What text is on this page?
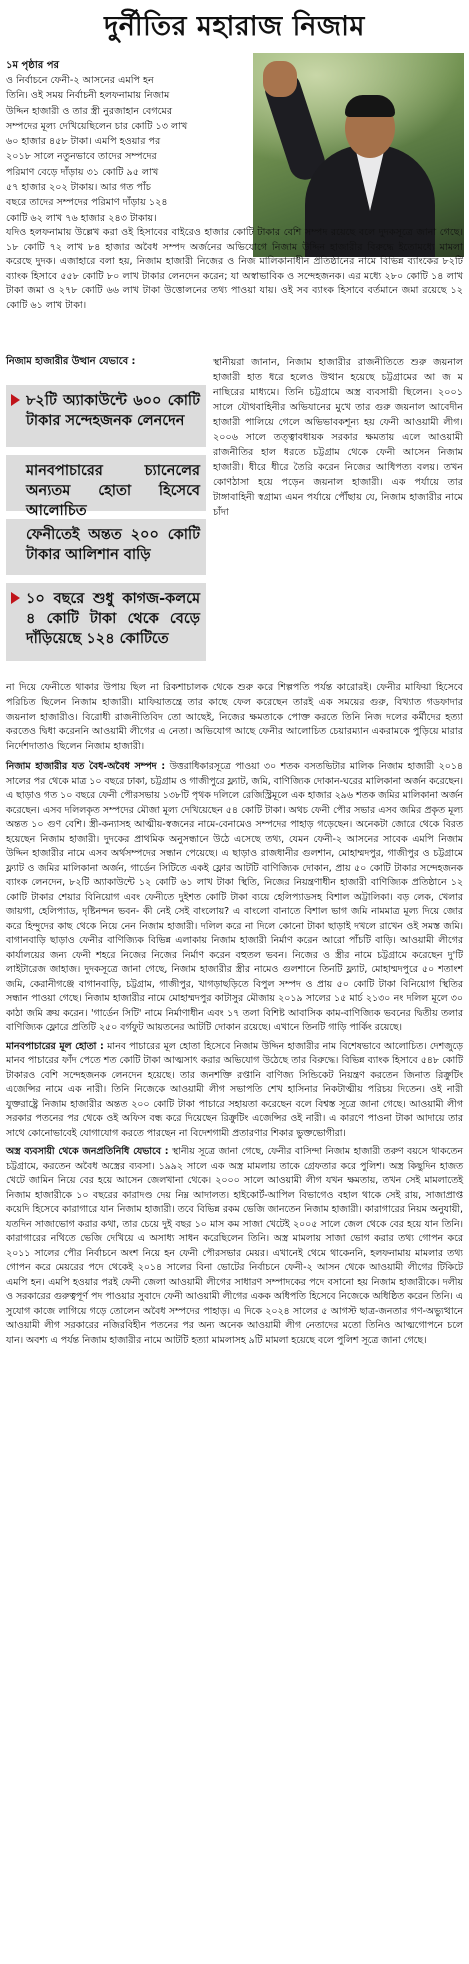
দুর্নীতির মহারাজ নিজাম
১ম পৃষ্ঠার পর
ও নির্বাচনে ফেনী-২ আসনের এমপি হন
তিনি। ওই সময় নির্বাচনী হলফনামায় নিজাম
উদ্দিন হাজারী ও তার স্ত্রী নুরজাহান বেগমের
সম্পদের মূল্য দেখিয়েছিলেন চার কোটি ১৩ লাখ
৬০ হাজার ৪৫৮ টাকা। এমপি হওয়ার পর
২০১৮ সালে নতুনভাবে তাদের সম্পদের
পরিমাণ বেড়ে দাঁড়ায় ৩১ কোটি ৯৫ লাখ
৫৭ হাজার ২০২ টাকায়। আর গত পাঁচ
বছরে তাদের সম্পদের পরিমাণ দাঁড়ায় ১২৪
কোটি ৬২ লাখ ৭৬ হাজার ২৪৩ টাকায়।

যদিও হলফনামায় উল্লেখ করা ওই হিসাবের বাইরেও হাজার কোটি টাকার বেশি সম্পদ রয়েছে বলে দুদকসূত্রে জানা গেছে। ১৮ কোটি ৭২ লাখ ৮৪ হাজার অবৈধ সম্পদ অর্জনের অভিযোগে নিজাম উদ্দিন হাজারীর বিরুদ্ধে ইতোমধ্যে মামলা করেছে দুদক। এজাহারে বলা হয়, নিজাম হাজারী নিজের ও নিজ মালিকানাধীন প্রতিষ্ঠানের নামে বিভিন্ন ব্যাংকের ৮২টি ব্যাংক হিসাবে ৫৫৮ কোটি ৮০ লাখ টাকার লেনদেন করেন; যা অস্বাভাবিক ও সন্দেহজনক। এর মধ্যে ২৮০ কোটি ১৪ লাখ টাকা জমা ও ২৭৮ কোটি ৬৬ লাখ টাকা উত্তোলনের তথ্য পাওয়া যায়। ওই সব ব্যাংক হিসাবে বর্তমানে জমা রয়েছে ১২ কোটি ৬১ লাখ টাকা।

নিজাম হাজারীর উত্থান যেভাবে :
৮২টি অ্যাকাউন্টে ৬০০ কোটি টাকার সন্দেহজনক লেনদেন
মানবপাচারের চ্যানেলের অন্যতম হোতা হিসেবে আলোচিত
ফেনীতেই অন্তত ২০০ কোটি টাকার আলিশান বাড়ি
১০ বছরে শুধু কাগজ-কলমে ৪ কোটি টাকা থেকে বেড়ে দাঁড়িয়েছে ১২৪ কোটিতে

স্থানীয়রা জানান, নিজাম হাজারীর রাজনীতিতে শুরু জয়নাল হাজারী হাত ধরে হলেও উত্থান হয়েছে চট্টগ্রামের আ জ ম নাছিরের মাধ্যমে। তিনি চট্টগ্রামে অস্ত্র ব্যবসায়ী ছিলেন। ২০০১ সালে যৌথবাহিনীর অভিযানের মুখে তার গুরু জয়নাল আবেদীন হাজারী পালিয়ে গেলে অভিভাবকশূন্য হয় ফেনী আওয়ামী লীগ। ২০০৬ সালে তত্ত্বাবধায়ক সরকার ক্ষমতায় এলে আওয়ামী রাজনীতির হাল ধরতে চট্টগ্রাম থেকে ফেনী আসেন নিজাম হাজারী। ধীরে ধীরে তৈরি করেন নিজের আধিপত্য বলয়। তখন কোণঠাসা হয়ে পড়েন জয়নাল হাজারী। এক পর্যায়ে তার টাঙ্গাবাহিনী স্বগ্রাম্য এমন পর্যায়ে পৌঁছায় যে, নিজাম হাজারীর নামে চাঁদা

না দিয়ে ফেনীতে থাকার উপায় ছিল না রিকশাচালক থেকে শুরু করে শিল্পপতি পর্যন্ত কারোরই। ফেনীর মাফিয়া হিসেবে পরিচিত ছিলেন নিজাম হাজারী। মাফিয়াতন্ত্রে তার কাছে ফেল করেছেন তারই এক সময়ের গুরু, বিখ্যাত গডফাদার জয়নাল হাজারীও। বিরোধী রাজনীতিবিদ তো আছেই, নিজের ক্ষমতাকে পোক্ত করতে তিনি নিজ দলের কর্মীদের হত্যা করতেও দ্বিধা করেননি আওয়ামী লীগের এ নেতা। অভিযোগ আছে ফেনীর আলোচিত চেয়ারম্যান একরামকে পুড়িয়ে মারার নির্দেশদাতাও ছিলেন নিজাম হাজারী।

নিজাম হাজারীর যত বৈধ-অবৈধ সম্পদ : উত্তরাধিকারসূত্রে পাওয়া ৩০ শতক বসতভিটার মালিক নিজাম হাজারী ২০১৪ সালের পর থেকে মাত্র ১০ বছরে ঢাকা, চট্টগ্রাম ও গাজীপুরে ফ্ল্যাট, জমি, বাণিজ্যিক দোকান-ঘরের মালিকানা অর্জন করেছেন। এ ছাড়াও গত ১০ বছরে ফেনী পৌরসভায় ১৩৮টি পৃথক দলিলে রেজিস্ট্রিমূলে এক হাজার ২৯৬ শতক জমির মালিকানা অর্জন করেছেন। এসব দলিলকৃত সম্পদের মৌজা মূল্য দেখিয়েছেন ৫৪ কোটি টাকা। অথচ ফেনী পৌর সভার এসব জমির প্রকৃত মূল্য অন্তত ১০ গুণ বেশি। স্ত্রী-কন্যাসহ আত্মীয়-স্বজনের নামে-বেনামেও সম্পদের পাহাড় গড়েছেন। অনেকটা জোরে থেকে বিরত হয়েছেন নিজাম হাজারী। দুদকের প্রাথমিক অনুসন্ধানে উঠে এসেছে তথ্য, যেমন ফেনী-২ আসনের সাবেক এমপি নিজাম উদ্দিন হাজারীর নামে এসব অর্থসম্পদের সন্ধান পেয়েছে। এ ছাড়াও রাজধানীর গুলশান, মোহাম্মদপুর, গাজীপুর ও চট্টগ্রামে ফ্ল্যাট ও জমির মালিকানা অর্জন, গার্ডেন সিটিতে একই ফ্লোর আটটি বাণিজ্যিক দোকান, প্রায় ৫০ কোটি টাকার সন্দেহজনক ব্যাংক লেনদেন, ৮২টি অ্যাকাউন্টে ১২ কোটি ৬১ লাখ টাকা স্থিতি, নিজের নিয়ন্ত্রণাধীন হাজারী বাণিজ্যিক প্রতিষ্ঠানে ১২ কোটি টাকার শেয়ার বিনিয়োগ এবং ফেনীতে দুইশত কোটি টাকা ব্যয়ে হেলিপ্যাডসহ বিশাল অট্টালিকা। বড় লেক, খেলার জায়গা, হেলিপ্যাড, দৃষ্টিনন্দন ভবন- কী নেই সেই বাংলোয়? এ বাংলো বানাতে বিশাল ভাগ জমি নামমাত্র মূল্য দিয়ে জোর করে হিন্দুদের কাছ থেকে নিয়ে নেন নিজাম হাজারী। দলিল করে না দিলে কোনো টাকা ছাড়াই দখলে রাখেন ওই সমস্ত জমি। বাগানবাড়ি ছাড়াও ফেনীর বাণিজ্যিক বিভিন্ন এলাকায় নিজাম হাজারী নির্মাণ করেন আরো পাঁচটি বাড়ি। আওয়ামী লীগের কার্যালয়ের জন্য ফেনী শহরে নিজের নিজের নির্মাণ করেন বহুতল ভবন। নিজের ও স্ত্রীর নামে চট্টগ্রামে করেছেন দু'টি লাইটারেজ জাহাজ। দুদকসূত্রে জানা গেছে, নিজাম হাজারীর স্ত্রীর নামেও গুলশানে তিনটি ফ্ল্যাট, মোহাম্মদপুরে ৫০ শতাংশ জমি, কেরানীগঞ্জে বাগানবাড়ি, চট্টগ্রাম, গাজীপুর, খাগড়াছড়িতে বিপুল সম্পদ ও প্রায় ৫০ কোটি টাকা বিনিয়োগ স্থিতির সন্ধান পাওয়া গেছে। নিজাম হাজারীর নামে মোহাম্মদপুর কাটাসুর মৌজায় ২০১৯ সালের ১৫ মার্চ ২১৩০ নং দলিল মূলে ৩০ কাঠা জমি ক্রয় করেন। 'গার্ডেন সিটি' নামে নির্মাণাধীন এবং ১৭ তলা বিশিষ্ট আবাসিক কাম-বাণিজ্যিক ভবনের দ্বিতীয় তলার বাণিজ্যিক ফ্লোরে প্রতিটি ২৫০ বর্গফুট আয়তনের আটটি দোকান রয়েছে। এখানে তিনটি গাড়ি পার্কিং রয়েছে।

মানবপাচারের মূল হোতা : মানব পাচারের মূল হোতা হিসেবে নিজাম উদ্দিন হাজারীর নাম বিশেষভাবে আলোচিত। দেশজুড়ে মানব পাচারের ফাঁদ পেতে শত কোটি টাকা আত্মসাৎ করার অভিযোগ উঠেছে তার বিরুদ্ধে। বিভিন্ন ব্যাংক হিসাবে ৫৪৮ কোটি টাকারও বেশি সন্দেহজনক লেনদেন হয়েছে। তার জনশক্তি রপ্তানি বাণিজ্য সিন্ডিকেট নিয়ন্ত্রণ করতেন জিনাত রিক্রুটিং এজেন্সির নামে এক নারী। তিনি নিজেকে আওয়ামী লীগ সভাপতি শেখ হাসিনার নিকটাত্মীয় পরিচয় দিতেন। ওই নারী যুক্তরাষ্ট্রে নিজাম হাজারীর অন্তত ২০০ কোটি টাকা পাচারে সহায়তা করেছেন বলে বিশ্বস্ত সূত্রে জানা গেছে। আওয়ামী লীগ সরকার পতনের পর থেকে ওই অফিস বন্ধ করে দিয়েছেন রিক্রুটিং এজেন্সির ওই নারী। এ কারণে পাওনা টাকা আদায়ে তার সাথে কোনোভাবেই যোগাযোগ করতে পারছেন না বিদেশগামী প্রতারণার শিকার ভুক্তভোগীরা।

অস্ত্র ব্যবসায়ী থেকে জনপ্রতিনিধি যেভাবে : স্থানীয় সূত্রে জানা গেছে, ফেনীর বাসিন্দা নিজাম হাজারী তরুণ বয়সে থাকতেন চট্টগ্রামে, করতেন অবৈধ অস্ত্রের ব্যবসা। ১৯৯২ সালে এক অস্ত্র মামলায় তাকে গ্রেফতার করে পুলিশ। অস্ত্র কিছুদিন হাজত খেটে জামিন নিয়ে বের হয়ে আসেন জেলখানা থেকে। ২০০০ সালে আওয়ামী লীগ যখন ক্ষমতায়, তখন সেই মামলাতেই নিজাম হাজারীকে ১০ বছরের কারাদণ্ড দেয় নিম্ন আদালত। হাইকোর্ট-আপিল বিভাগেও বহাল থাকে সেই রায়, সাজাপ্রাপ্ত কয়েদি হিসেবে কারাগারে যান নিজাম হাজারী। তবে বিভিন্ন রকম ভেজি জানতেন নিজাম হাজারী। কারাগারের নিয়ম অনুযায়ী, যতদিন সাজাভোগ করার কথা, তার চেয়ে দুই বছর ১০ মাস কম সাজা খেটেই ২০০৫ সালে জেল থেকে বের হয়ে যান তিনি। কারাগারের নথিতে ভেজি দেখিয়ে এ অসাধ্য সাধন করেছিলেন তিনি। অস্ত্র মামলায় সাজা ভোগ করার তথ্য গোপন করে ২০১১ সালের পৌর নির্বাচনে অংশ নিয়ে হন ফেনী পৌরসভার মেয়র। এখানেই থেমে থাকেননি, হলফনামায় মামলার তথ্য গোপন করে মেয়রের পদে থেকেই ২০১৪ সালের বিনা ভোটের নির্বাচনে ফেনী-২ আসন থেকে আওয়ামী লীগের টিকিটে এমপি হন। এমপি হওয়ার পরই ফেনী জেলা আওয়ামী লীগের সাধারণ সম্পাদকের পদে বসানো হয় নিজাম হাজারীকে। দলীয় ও সরকারের গুরুত্বপূর্ণ পদ পাওয়ার সুবাদে ফেনী আওয়ামী লীগের একক অধিপতি হিসেবে নিজেকে অধিষ্ঠিত করেন তিনি। এ সুযোগ কাজে লাগিয়ে গড়ে তোলেন অবৈধ সম্পদের পাহাড়। এ দিকে ২০২৪ সালের ৫ আগস্ট ছাত্র-জনতার গণ-অভ্যুত্থানে আওয়ামী লীগ সরকারের নজিরবিহীন পতনের পর অন্য অনেক আওয়ামী লীগ নেতাদের মতো তিনিও আত্মগোপনে চলে যান। অবশ্য এ পর্যন্ত নিজাম হাজারীর নামে আটটি হত্যা মামলাসহ ৯টি মামলা হয়েছে বলে পুলিশ সূত্রে জানা গেছে।
